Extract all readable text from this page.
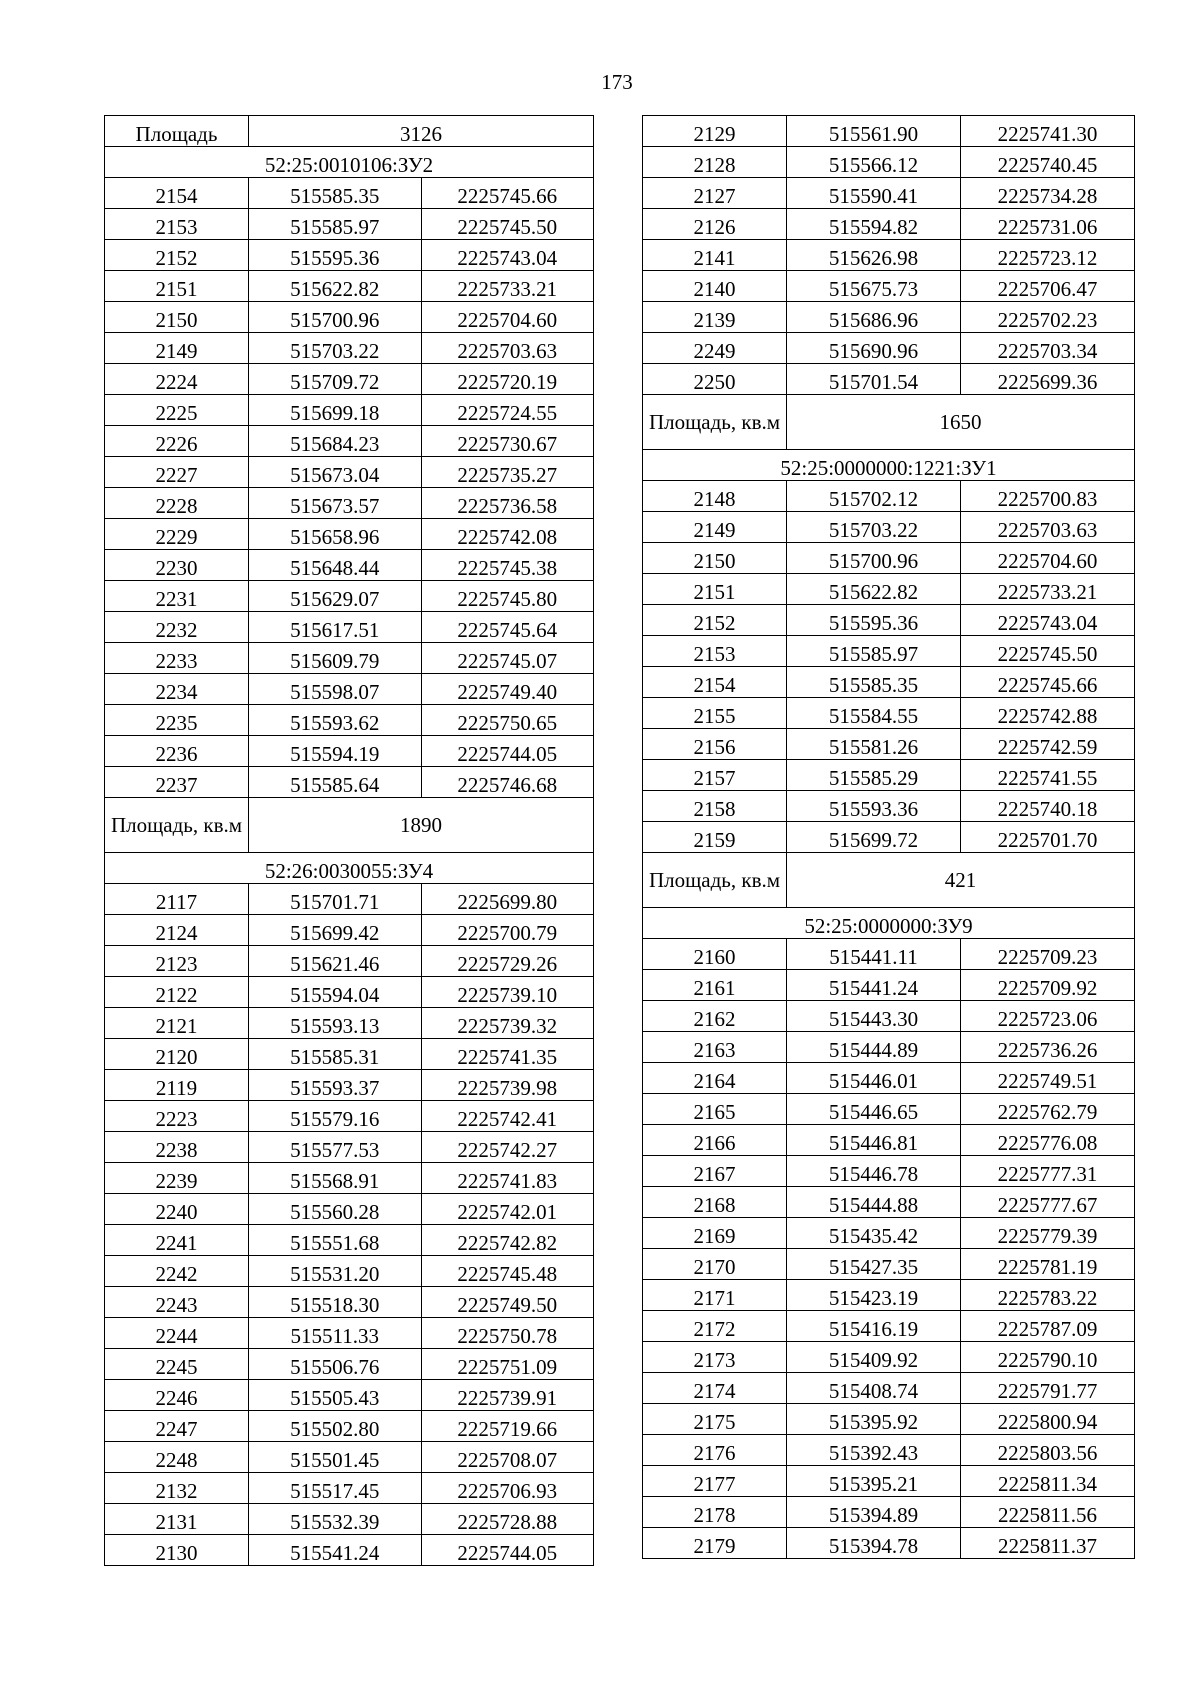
173
Площадь	3126	
52:25:0010106:ЗУ2		
2154	515585.35	2225745.66
2153	515585.97	2225745.50
2152	515595.36	2225743.04
2151	515622.82	2225733.21
2150	515700.96	2225704.60
2149	515703.22	2225703.63
2224	515709.72	2225720.19
2225	515699.18	2225724.55
2226	515684.23	2225730.67
2227	515673.04	2225735.27
2228	515673.57	2225736.58
2229	515658.96	2225742.08
2230	515648.44	2225745.38
2231	515629.07	2225745.80
2232	515617.51	2225745.64
2233	515609.79	2225745.07
2234	515598.07	2225749.40
2235	515593.62	2225750.65
2236	515594.19	2225744.05
2237	515585.64	2225746.68
Площадь, кв.м	1890	
52:26:0030055:ЗУ4		
2117	515701.71	2225699.80
2124	515699.42	2225700.79
2123	515621.46	2225729.26
2122	515594.04	2225739.10
2121	515593.13	2225739.32
2120	515585.31	2225741.35
2119	515593.37	2225739.98
2223	515579.16	2225742.41
2238	515577.53	2225742.27
2239	515568.91	2225741.83
2240	515560.28	2225742.01
2241	515551.68	2225742.82
2242	515531.20	2225745.48
2243	515518.30	2225749.50
2244	515511.33	2225750.78
2245	515506.76	2225751.09
2246	515505.43	2225739.91
2247	515502.80	2225719.66
2248	515501.45	2225708.07
2132	515517.45	2225706.93
2131	515532.39	2225728.88
2130	515541.24	2225744.05
2129	515561.90	2225741.30
2128	515566.12	2225740.45
2127	515590.41	2225734.28
2126	515594.82	2225731.06
2141	515626.98	2225723.12
2140	515675.73	2225706.47
2139	515686.96	2225702.23
2249	515690.96	2225703.34
2250	515701.54	2225699.36
Площадь, кв.м	1650	
52:25:0000000:1221:ЗУ1		
2148	515702.12	2225700.83
2149	515703.22	2225703.63
2150	515700.96	2225704.60
2151	515622.82	2225733.21
2152	515595.36	2225743.04
2153	515585.97	2225745.50
2154	515585.35	2225745.66
2155	515584.55	2225742.88
2156	515581.26	2225742.59
2157	515585.29	2225741.55
2158	515593.36	2225740.18
2159	515699.72	2225701.70
Площадь, кв.м	421	
52:25:0000000:ЗУ9		
2160	515441.11	2225709.23
2161	515441.24	2225709.92
2162	515443.30	2225723.06
2163	515444.89	2225736.26
2164	515446.01	2225749.51
2165	515446.65	2225762.79
2166	515446.81	2225776.08
2167	515446.78	2225777.31
2168	515444.88	2225777.67
2169	515435.42	2225779.39
2170	515427.35	2225781.19
2171	515423.19	2225783.22
2172	515416.19	2225787.09
2173	515409.92	2225790.10
2174	515408.74	2225791.77
2175	515395.92	2225800.94
2176	515392.43	2225803.56
2177	515395.21	2225811.34
2178	515394.89	2225811.56
2179	515394.78	2225811.37
